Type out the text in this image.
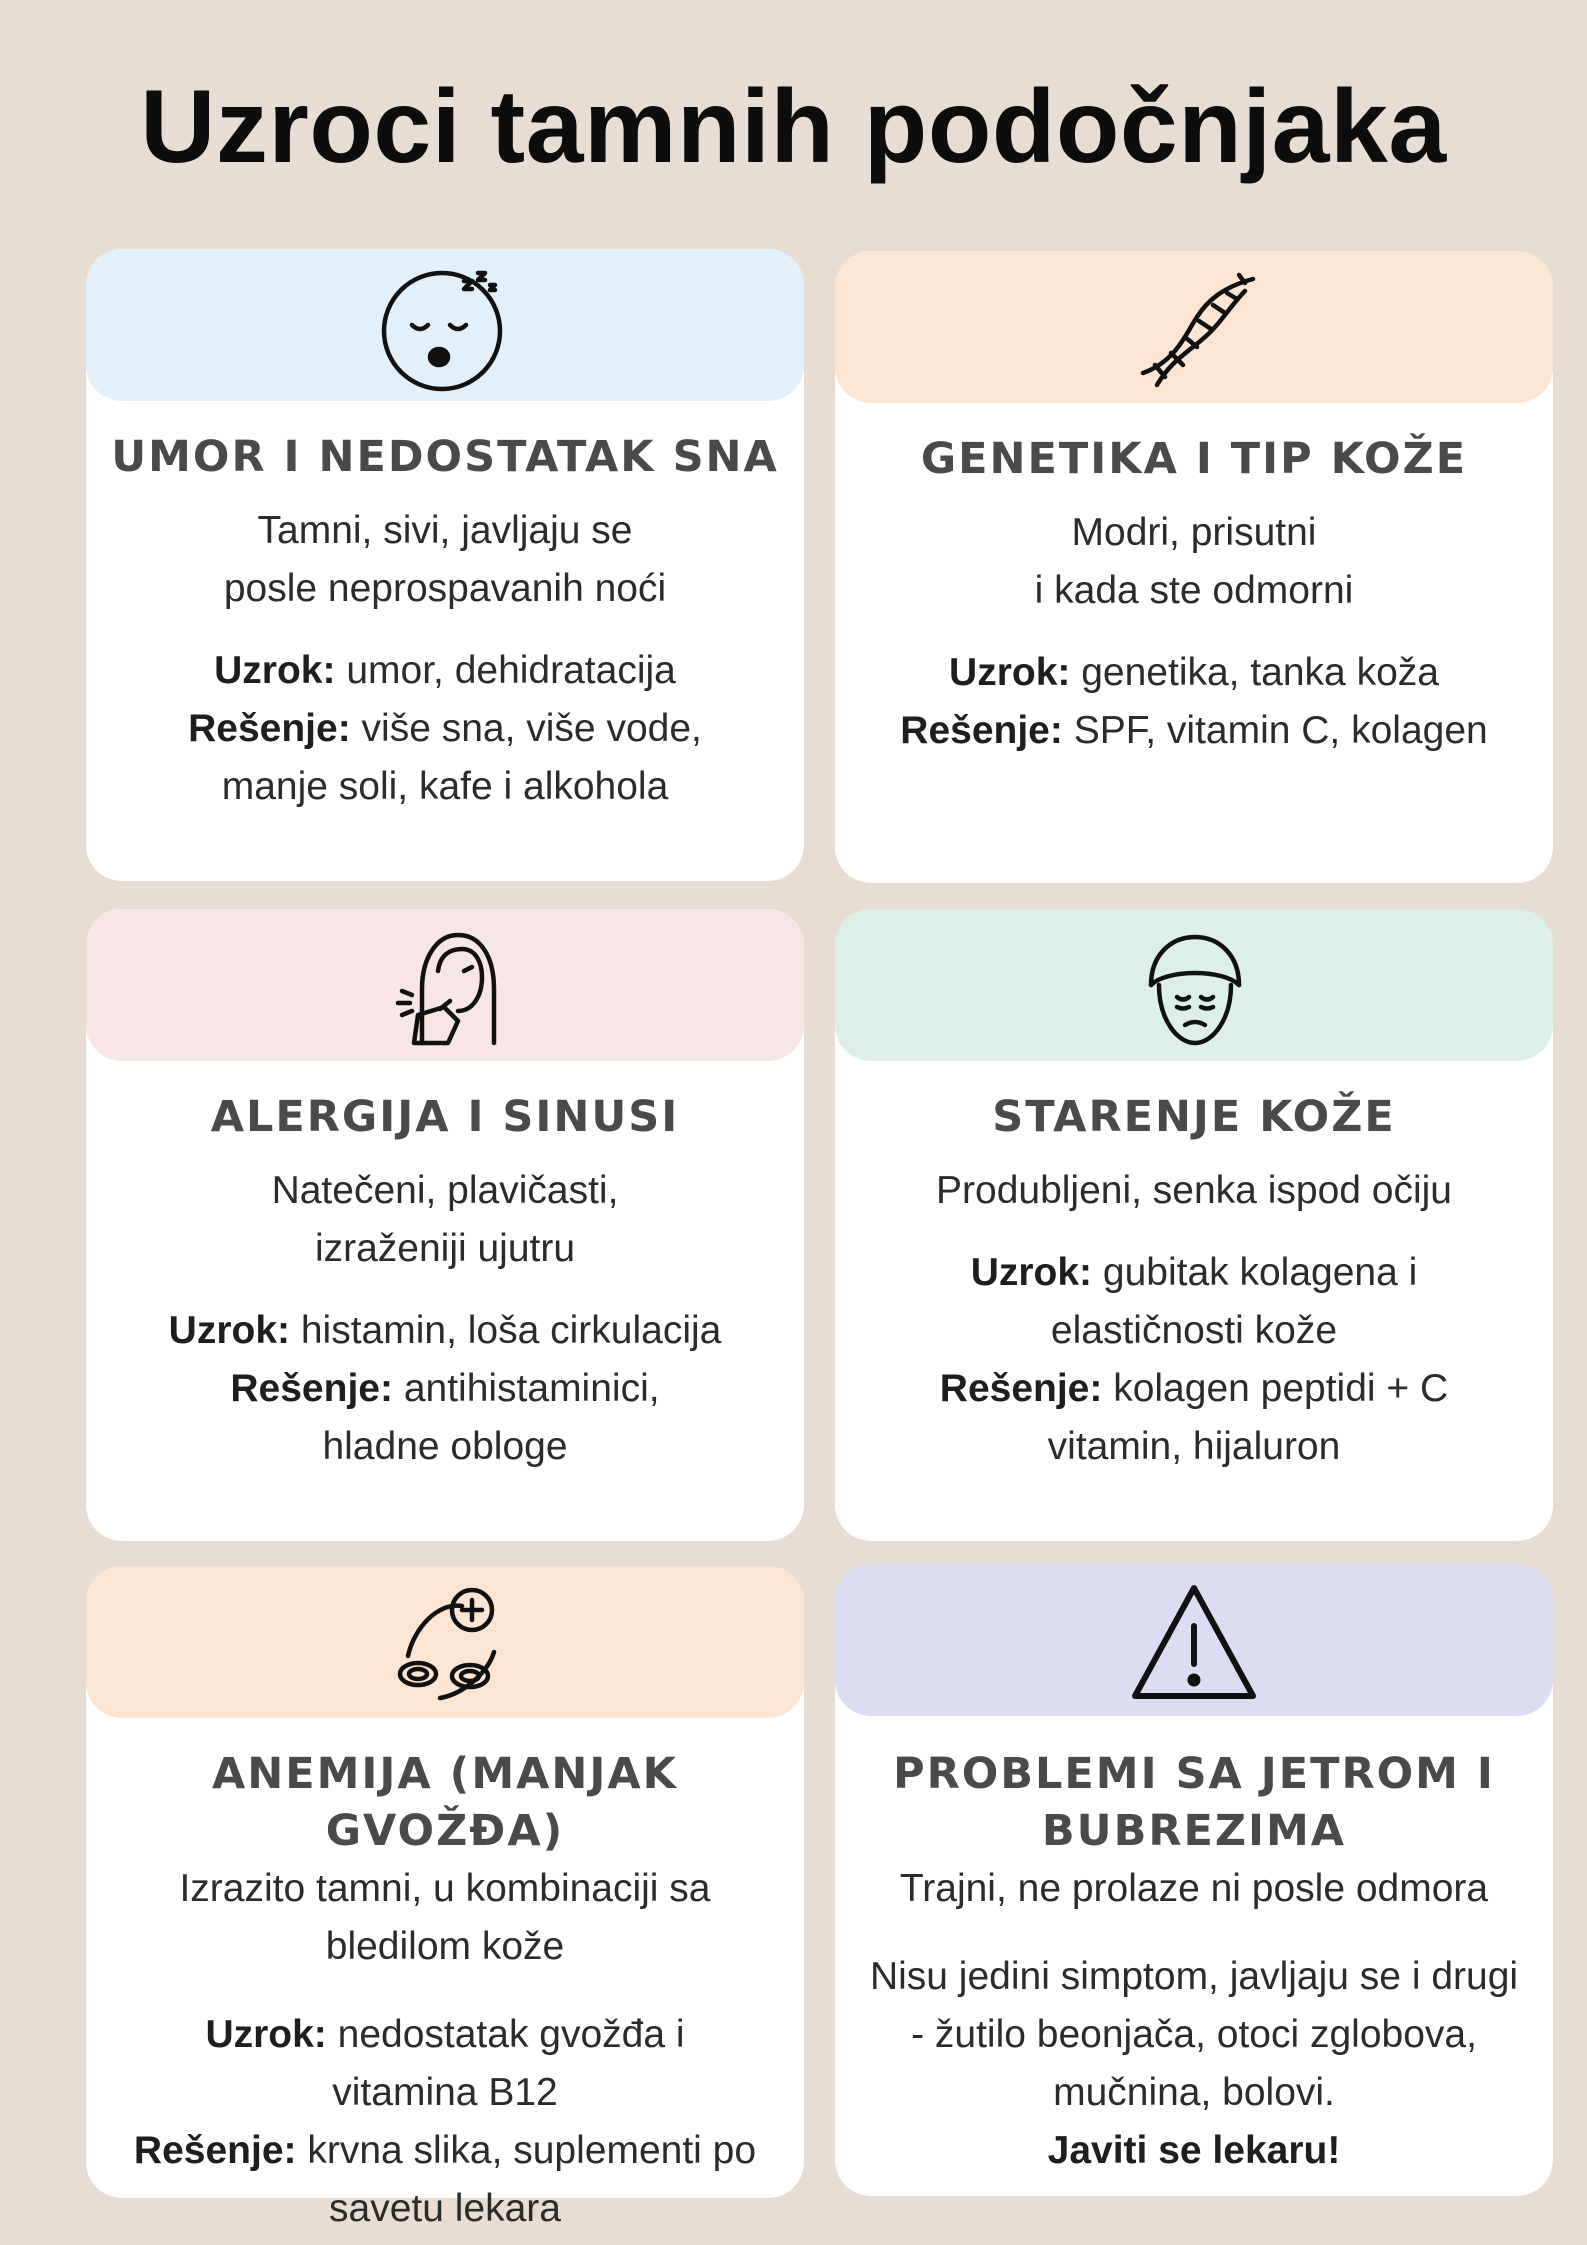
Uzroci tamnih podočnjaka
UMOR I NEDOSTATAK SNA

Tamni, sivi, javljaju se
posle neprospavanih noći

Uzrok: umor, dehidratacija
Rešenje: više sna, više vode,
manje soli, kafe i alkohola

GENETIKA I TIP KOŽE

Modri, prisutni
i kada ste odmorni

Uzrok: genetika, tanka koža
Rešenje: SPF, vitamin C, kolagen

ALERGIJA I SINUSI

Natečeni, plavičasti,
izraženiji ujutru

Uzrok: histamin, loša cirkulacija
Rešenje: antihistaminici,
hladne obloge

STARENJE KOŽE

Produbljeni, senka ispod očiju

Uzrok: gubitak kolagena i
elastičnosti kože
Rešenje: kolagen peptidi + C
vitamin, hijaluron

ANEMIJA (MANJAK GVOŽĐA)

Izrazito tamni, u kombinaciji sa
bledilom kože

Uzrok: nedostatak gvožđa i
vitamina B12
Rešenje: krvna slika, suplementi po
savetu lekara

PROBLEMI SA JETROM I
BUBREZIMA

Trajni, ne prolaze ni posle odmora

Nisu jedini simptom, javljaju se i drugi
- žutilo beonjača, otoci zglobova,
mučnina, bolovi.
Javiti se lekaru!
